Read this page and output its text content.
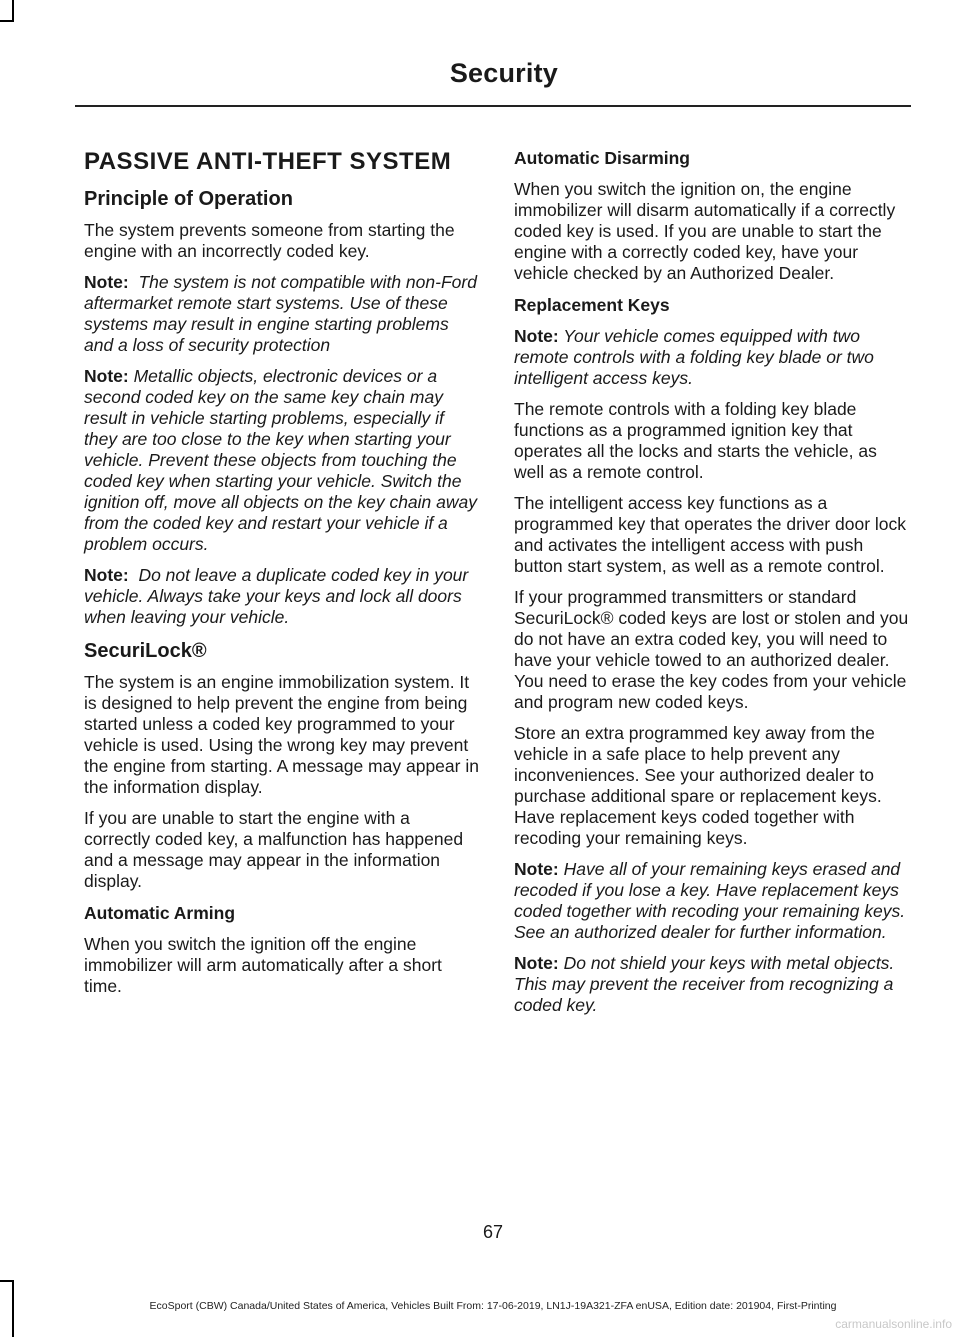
Security
PASSIVE ANTI-THEFT SYSTEM
Principle of Operation

The system prevents someone from starting the engine with an incorrectly coded key.

Note: The system is not compatible with non-Ford aftermarket remote start systems. Use of these systems may result in engine starting problems and a loss of security protection

Note: Metallic objects, electronic devices or a second coded key on the same key chain may result in vehicle starting problems, especially if they are too close to the key when starting your vehicle. Prevent these objects from touching the coded key when starting your vehicle. Switch the ignition off, move all objects on the key chain away from the coded key and restart your vehicle if a problem occurs.

Note: Do not leave a duplicate coded key in your vehicle. Always take your keys and lock all doors when leaving your vehicle.

SecuriLock®

The system is an engine immobilization system. It is designed to help prevent the engine from being started unless a coded key programmed to your vehicle is used. Using the wrong key may prevent the engine from starting. A message may appear in the information display.

If you are unable to start the engine with a correctly coded key, a malfunction has happened and a message may appear in the information display.

Automatic Arming

When you switch the ignition off the engine immobilizer will arm automatically after a short time.

Automatic Disarming

When you switch the ignition on, the engine immobilizer will disarm automatically if a correctly coded key is used. If you are unable to start the engine with a correctly coded key, have your vehicle checked by an Authorized Dealer.

Replacement Keys

Note: Your vehicle comes equipped with two remote controls with a folding key blade or two intelligent access keys.

The remote controls with a folding key blade functions as a programmed ignition key that operates all the locks and starts the vehicle, as well as a remote control.

The intelligent access key functions as a programmed key that operates the driver door lock and activates the intelligent access with push button start system, as well as a remote control.

If your programmed transmitters or standard SecuriLock® coded keys are lost or stolen and you do not have an extra coded key, you will need to have your vehicle towed to an authorized dealer. You need to erase the key codes from your vehicle and program new coded keys.

Store an extra programmed key away from the vehicle in a safe place to help prevent any inconveniences. See your authorized dealer to purchase additional spare or replacement keys. Have replacement keys coded together with recoding your remaining keys.

Note: Have all of your remaining keys erased and recoded if you lose a key. Have replacement keys coded together with recoding your remaining keys. See an authorized dealer for further information.

Note: Do not shield your keys with metal objects. This may prevent the receiver from recognizing a coded key.

67
EcoSport (CBW) Canada/United States of America, Vehicles Built From: 17-06-2019, LN1J-19A321-ZFA enUSA, Edition date: 201904, First-Printing
carmanualsonline.info
